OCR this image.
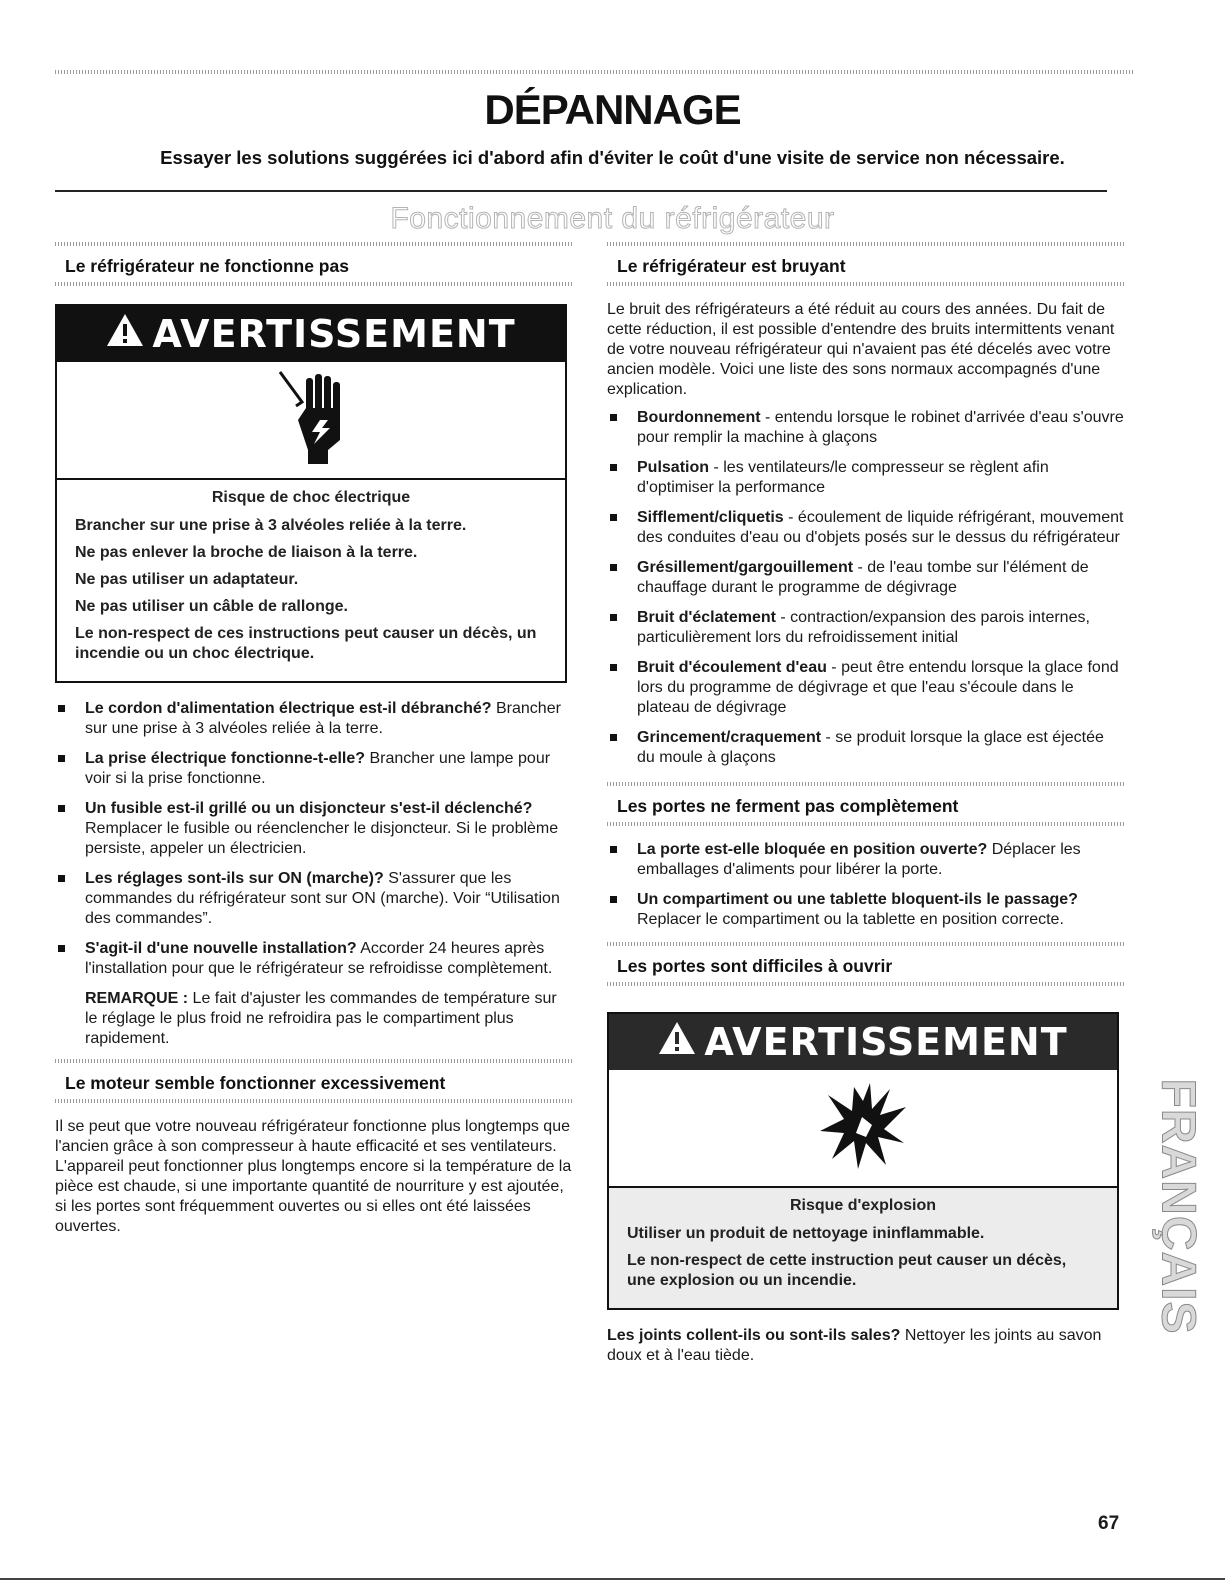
DÉPANNAGE
Essayer les solutions suggérées ici d'abord afin d'éviter le coût d'une visite de service non nécessaire.
Fonctionnement du réfrigérateur
Le réfrigérateur ne fonctionne pas
AVERTISSEMENT
Risque de choc électrique

Brancher sur une prise à 3 alvéoles reliée à la terre.

Ne pas enlever la broche de liaison à la terre.

Ne pas utiliser un adaptateur.

Ne pas utiliser un câble de rallonge.

Le non-respect de ces instructions peut causer un décès, un incendie ou un choc électrique.

Le cordon d'alimentation électrique est-il débranché? Brancher sur une prise à 3 alvéoles reliée à la terre.
La prise électrique fonctionne-t-elle? Brancher une lampe pour voir si la prise fonctionne.
Un fusible est-il grillé ou un disjoncteur s'est-il déclenché? Remplacer le fusible ou réenclencher le disjoncteur. Si le problème persiste, appeler un électricien.
Les réglages sont-ils sur ON (marche)? S'assurer que les commandes du réfrigérateur sont sur ON (marche). Voir “Utilisation des commandes”.
S'agit-il d'une nouvelle installation? Accorder 24 heures après l'installation pour que le réfrigérateur se refroidisse complètement.

REMARQUE : Le fait d'ajuster les commandes de température sur le réglage le plus froid ne refroidira pas le compartiment plus rapidement.

Le moteur semble fonctionner excessivement

Il se peut que votre nouveau réfrigérateur fonctionne plus longtemps que l'ancien grâce à son compresseur à haute efficacité et ses ventilateurs. L'appareil peut fonctionner plus longtemps encore si la température de la pièce est chaude, si une importante quantité de nourriture y est ajoutée, si les portes sont fréquemment ouvertes ou si elles ont été laissées ouvertes.

Le réfrigérateur est bruyant

Le bruit des réfrigérateurs a été réduit au cours des années. Du fait de cette réduction, il est possible d'entendre des bruits intermittents venant de votre nouveau réfrigérateur qui n'avaient pas été décelés avec votre ancien modèle. Voici une liste des sons normaux accompagnés d'une explication.

Bourdonnement - entendu lorsque le robinet d'arrivée d'eau s'ouvre pour remplir la machine à glaçons
Pulsation - les ventilateurs/le compresseur se règlent afin d'optimiser la performance
Sifflement/cliquetis - écoulement de liquide réfrigérant, mouvement des conduites d'eau ou d'objets posés sur le dessus du réfrigérateur
Grésillement/gargouillement - de l'eau tombe sur l'élément de chauffage durant le programme de dégivrage
Bruit d'éclatement - contraction/expansion des parois internes, particulièrement lors du refroidissement initial
Bruit d'écoulement d'eau - peut être entendu lorsque la glace fond lors du programme de dégivrage et que l'eau s'écoule dans le plateau de dégivrage
Grincement/craquement - se produit lorsque la glace est éjectée du moule à glaçons
Les portes ne ferment pas complètement
La porte est-elle bloquée en position ouverte? Déplacer les emballages d'aliments pour libérer la porte.
Un compartiment ou une tablette bloquent-ils le passage? Replacer le compartiment ou la tablette en position correcte.
Les portes sont difficiles à ouvrir
AVERTISSEMENT
Risque d'explosion

Utiliser un produit de nettoyage ininflammable.

Le non-respect de cette instruction peut causer un décès, une explosion ou un incendie.

Les joints collent-ils ou sont-ils sales? Nettoyer les joints au savon doux et à l'eau tiède.

FRANÇAIS
67
